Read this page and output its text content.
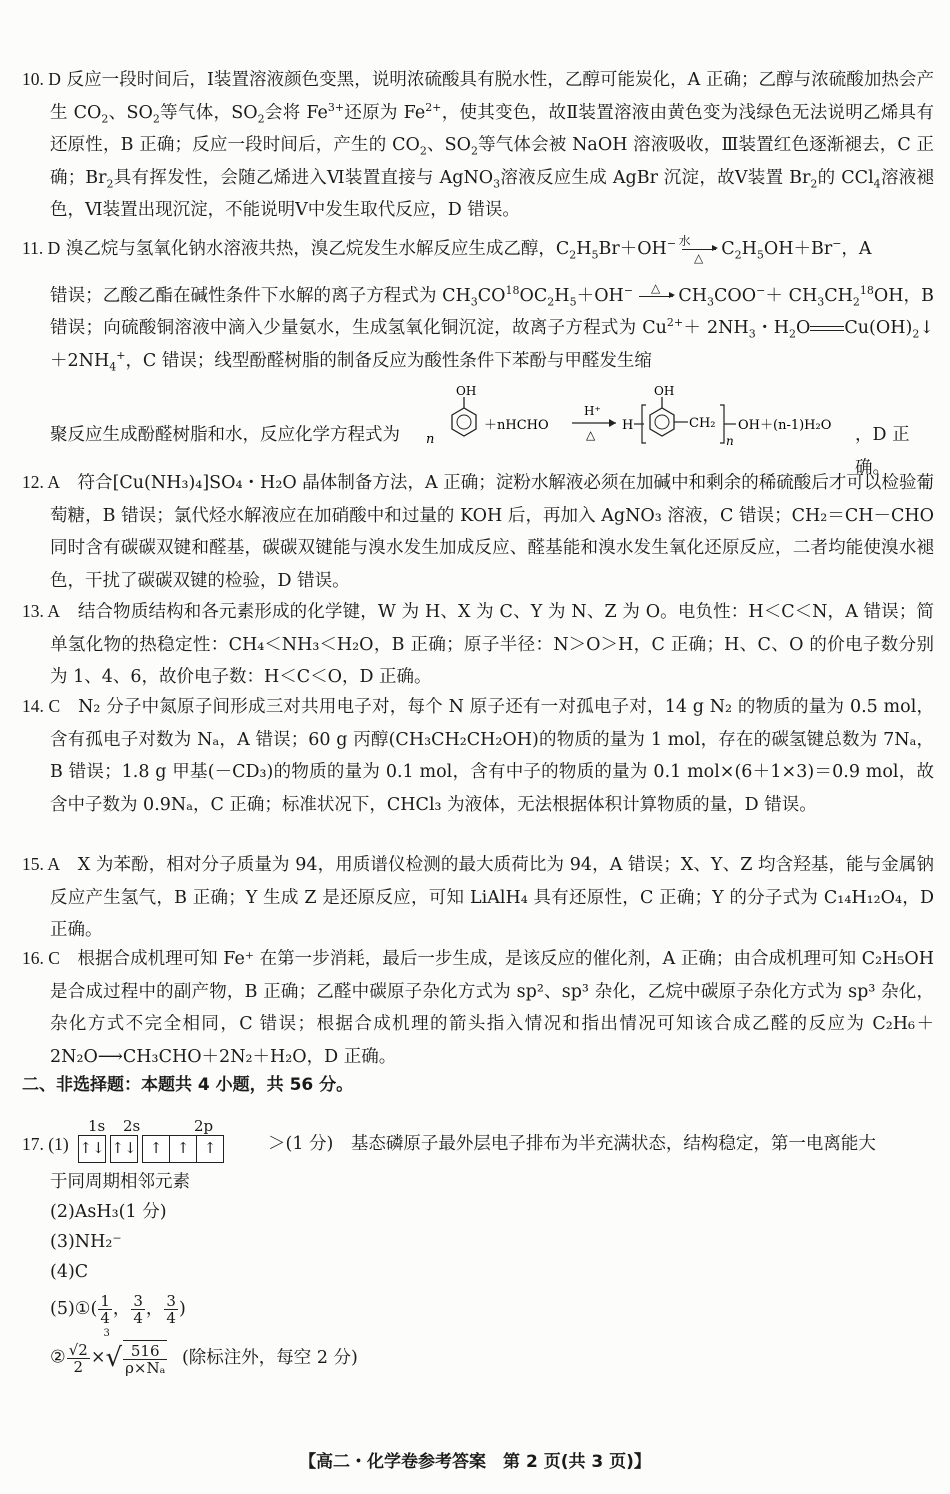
10. D 反应一段时间后，Ⅰ装置溶液颜色变黑，说明浓硫酸具有脱水性，乙醇可能炭化，A 正确；乙醇与浓硫酸加热会产生 $CO_2$、$SO_2$等气体，$SO_2$会将 $Fe^{3+}$还原为 $Fe^{2+}$，使其变色，故Ⅱ装置溶液由黄色变为浅绿色无法说明乙烯具有还原性，B 正确；反应一段时间后，产生的 $CO_2$、$SO_2$等气体会被 NaOH 溶液吸收，Ⅲ装置红色逐渐褪去，C 正确；$Br_2$具有挥发性，会随乙烯进入Ⅵ装置直接与 AgNO$_3$溶液反应生成 AgBr 沉淀，故Ⅴ装置 $Br_2$的 CCl$_4$溶液褪色，Ⅵ装置出现沉淀，不能说明Ⅴ中发生取代反应，D 错误。

11. D 溴乙烷与氢氧化钠水溶液共热，溴乙烷发生水解反应生成乙醇，$C_2H_5Br+OH^-$ 水
△ $C_2H_5OH+Br^-$，A

错误；乙酸乙酯在碱性条件下水解的离子方程式为 $CH_3CO^{18}OC_2H_5+OH^-$ △ $CH_3COO^-+ CH_3CH_2^{18}OH$，B 错误；向硫酸铜溶液中滴入少量氨水，生成氢氧化铜沉淀，故离子方程式为 $Cu^{2+}+ 2NH_3$・$H_2O$ $Cu(OH)_2↓+2NH_4^+$，C 错误；线型酚醛树脂的制备反应为酸性条件下苯酚与甲醛发生缩

聚反应生成酚醛树脂和水，反应化学方程式为 n
OH
＋nHCHO
H⁺
△
H
OH
CH₂
n
OH＋(n-1)H₂O ，D 正确。

12. A　 符合[Cu(NH₃)₄]SO₄・H₂O 晶体制备方法，A 正确；淀粉水解液必须在加碱中和剩余的稀硫酸后才可以检验葡萄糖，B 错误；氯代烃水解液应在加硝酸中和过量的 KOH 后，再加入 AgNO₃ 溶液，C 错误；CH₂＝CH－CHO 同时含有碳碳双键和醛基，碳碳双键能与溴水发生加成反应、醛基能和溴水发生氧化还原反应，二者均能使溴水褪色，干扰了碳碳双键的检验，D 错误。

13. A　 结合物质结构和各元素形成的化学键，W 为 H、X 为 C、Y 为 N、Z 为 O。电负性：H＜C＜N，A 错误；简单氢化物的热稳定性：CH₄＜NH₃＜H₂O，B 正确；原子半径：N＞O＞H，C 正确；H、C、O 的价电子数分别为 1、4、6，故价电子数：H＜C＜O，D 正确。

14. C　 N₂ 分子中氮原子间形成三对共用电子对，每个 N 原子还有一对孤电子对，14 g N₂ 的物质的量为 0.5 mol，含有孤电子对数为 Nₐ，A 错误；60 g 丙醇(CH₃CH₂CH₂OH)的物质的量为 1 mol，存在的碳氢键总数为 7Nₐ，B 错误；1.8 g 甲基(－CD₃)的物质的量为 0.1 mol，含有中子的物质的量为 0.1 mol×(6＋1×3)＝0.9 mol，故含中子数为 0.9Nₐ，C 正确；标准状况下，CHCl₃ 为液体，无法根据体积计算物质的量，D 错误。

15. A　 X 为苯酚，相对分子质量为 94，用质谱仪检测的最大质荷比为 94，A 错误；X、Y、Z 均含羟基，能与金属钠反应产生氢气，B 正确；Y 生成 Z 是还原反应，可知 LiAlH₄ 具有还原性，C 正确；Y 的分子式为 C₁₄H₁₂O₄，D 正确。

16. C　 根据合成机理可知 Fe⁺ 在第一步消耗，最后一步生成，是该反应的催化剂，A 正确；由合成机理可知 C₂H₅OH 是合成过程中的副产物，B 正确；乙醛中碳原子杂化方式为 sp²、sp³ 杂化，乙烷中碳原子杂化方式为 sp³ 杂化，杂化方式不完全相同，C 错误；根据合成机理的箭头指入情况和指出情况可知该合成乙醛的反应为 C₂H₆＋2N₂O⟶CH₃CHO＋2N₂＋H₂O，D 正确。

二、非选择题：本题共 4 小题，共 56 分。
17. (1)
1s 2s	2p
↑↓ ↑↓ ↑ ↑ ↑	＞(1 分)　基态磷原子最外层电子排布为半充满状态，结构稳定，第一电离能大
于同周期相邻元素
(2)AsH₃(1 分)
(3)NH₂⁻
(4)C
(5)①( $\frac{1}{4}$ ， $\frac{3}{4}$ ， $\frac{3}{4}$ )
② $\frac{√2}{2}$ ×
3
√ $\frac{516}{\text{ρ×Nₐ}}$ (除标注外，每空 2 分)
【高二・化学卷参考答案　第 2 页(共 3 页)】
